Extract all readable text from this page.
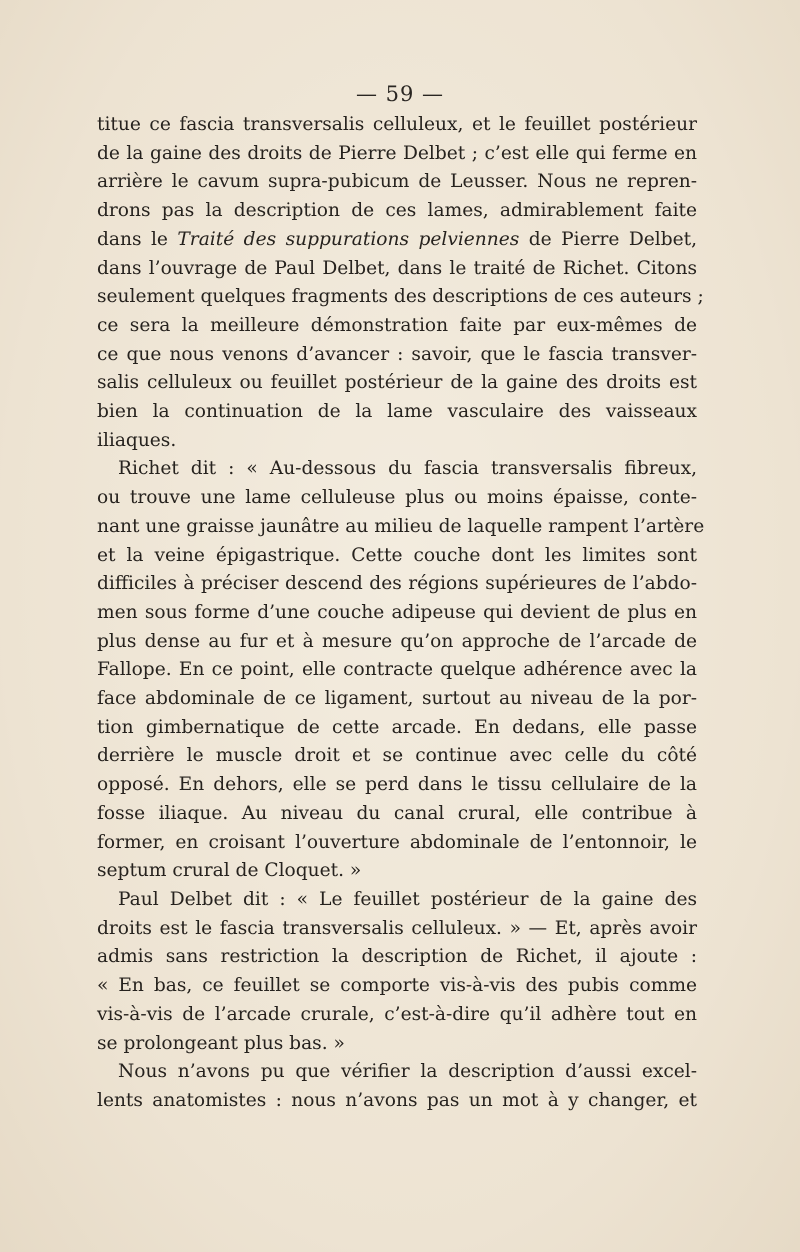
— 59 —
titue ce fascia transversalis celluleux, et le feuillet postérieur
de la gaine des droits de Pierre Delbet ; c’est elle qui ferme en
arrière le cavum supra-pubicum de Leusser. Nous ne repren-
drons pas la description de ces lames, admirablement faite
dans le Traité des suppurations pelviennes de Pierre Delbet,
dans l’ouvrage de Paul Delbet, dans le traité de Richet. Citons
seulement quelques fragments des descriptions de ces auteurs ;
ce sera la meilleure démonstration faite par eux-mêmes de
ce que nous venons d’avancer : savoir, que le fascia transver-
salis celluleux ou feuillet postérieur de la gaine des droits est
bien la continuation de la lame vasculaire des vaisseaux
iliaques.
Richet dit : « Au-dessous du fascia transversalis fibreux,
ou trouve une lame celluleuse plus ou moins épaisse, conte-
nant une graisse jaunâtre au milieu de laquelle rampent l’artère
et la veine épigastrique. Cette couche dont les limites sont
difficiles à préciser descend des régions supérieures de l’abdo-
men sous forme d’une couche adipeuse qui devient de plus en
plus dense au fur et à mesure qu’on approche de l’arcade de
Fallope. En ce point, elle contracte quelque adhérence avec la
face abdominale de ce ligament, surtout au niveau de la por-
tion gimbernatique de cette arcade. En dedans, elle passe
derrière le muscle droit et se continue avec celle du côté
opposé. En dehors, elle se perd dans le tissu cellulaire de la
fosse iliaque. Au niveau du canal crural, elle contribue à
former, en croisant l’ouverture abdominale de l’entonnoir, le
septum crural de Cloquet. »
Paul Delbet dit : « Le feuillet postérieur de la gaine des
droits est le fascia transversalis celluleux. » — Et, après avoir
admis sans restriction la description de Richet, il ajoute :
« En bas, ce feuillet se comporte vis-à-vis des pubis comme
vis-à-vis de l’arcade crurale, c’est-à-dire qu’il adhère tout en
se prolongeant plus bas. »
Nous n’avons pu que vérifier la description d’aussi excel-
lents anatomistes : nous n’avons pas un mot à y changer, et
